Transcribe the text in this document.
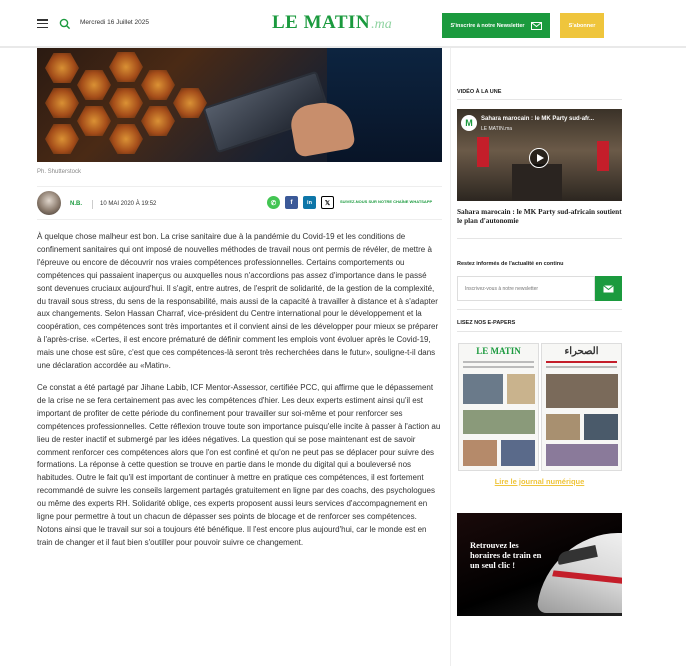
Mercredi 16 Juillet 2025	LE MATIN .ma	S'inscrire à notre Newsletter	S'abonner
Ph. Shutterstock
N.B.	10 MAI 2020 À 19:52	✆	f	in	𝕏	SUIVEZ-NOUS SUR NOTRE CHAÎNE WHATSAPP

À quelque chose malheur est bon. La crise sanitaire due à la pandémie du Covid-19 et les conditions de confinement sanitaires qui ont imposé de nouvelles méthodes de travail nous ont permis de révéler, de mettre à l'épreuve ou encore de découvrir nos vraies compétences professionnelles. Certains comportements ou compétences qui passaient inaperçus ou auxquelles nous n'accordions pas assez d'importance dans le passé sont devenues cruciaux aujourd'hui. Il s'agit, entre autres, de l'esprit de solidarité, de la gestion de la complexité, du travail sous stress, du sens de la responsabilité, mais aussi de la capacité à travailler à distance et à s'adapter aux changements. Selon Hassan Charraf, vice-président du Centre international pour le développement et la coopération, ces compétences sont très importantes et il convient ainsi de les développer pour mieux se préparer à l'après-crise. «Certes, il est encore prématuré de définir comment les emplois vont évoluer après le Covid-19, mais une chose est sûre, c'est que ces compétences-là seront très recherchées dans le futur», souligne-t-il dans une déclaration accordée au «Matin».

Ce constat a été partagé par Jihane Labib, ICF Mentor-Assessor, certifiée PCC, qui affirme que le dépassement de la crise ne se fera certainement pas avec les compétences d'hier. Les deux experts estiment ainsi qu'il est important de profiter de cette période du confinement pour travailler sur soi-même et pour renforcer ses compétences professionnelles. Cette réflexion trouve toute son importance puisqu'elle incite à passer à l'action au lieu de rester inactif et submergé par les idées négatives. La question qui se pose maintenant est de savoir comment renforcer ces compétences alors que l'on est confiné et qu'on ne peut pas se déplacer pour suivre des formations. La réponse à cette question se trouve en partie dans le monde du digital qui a bouleversé nos habitudes. Outre le fait qu'il est important de continuer à mettre en pratique ces compétences, il est fortement recommandé de suivre les conseils largement partagés gratuitement en ligne par des coachs, des psychologues ou même des experts RH. Solidarité oblige, ces experts proposent aussi leurs services d'accompagnement en ligne pour permettre à tout un chacun de dépasser ses points de blocage et de renforcer ses compétences. Notons ainsi que le travail sur soi a toujours été bénéfique. Il l'est encore plus aujourd'hui, car le monde est en train de changer et il faut bien s'outiller pour pouvoir suivre ce changement.

VIDÉO À LA UNE
M	Sahara marocain : le MK Party sud-afr...
LE MATIN.ma
Sahara marocain : le MK Party sud-africain soutient le plan d'autonomie
Restez informés de l'actualité en continu
Inscrivez-vous à notre newsletter
LISEZ NOS E-PAPERS
LE MATIN	الصحراء
Lire le journal numérique
Retrouvez les horaires de train en un seul clic !
